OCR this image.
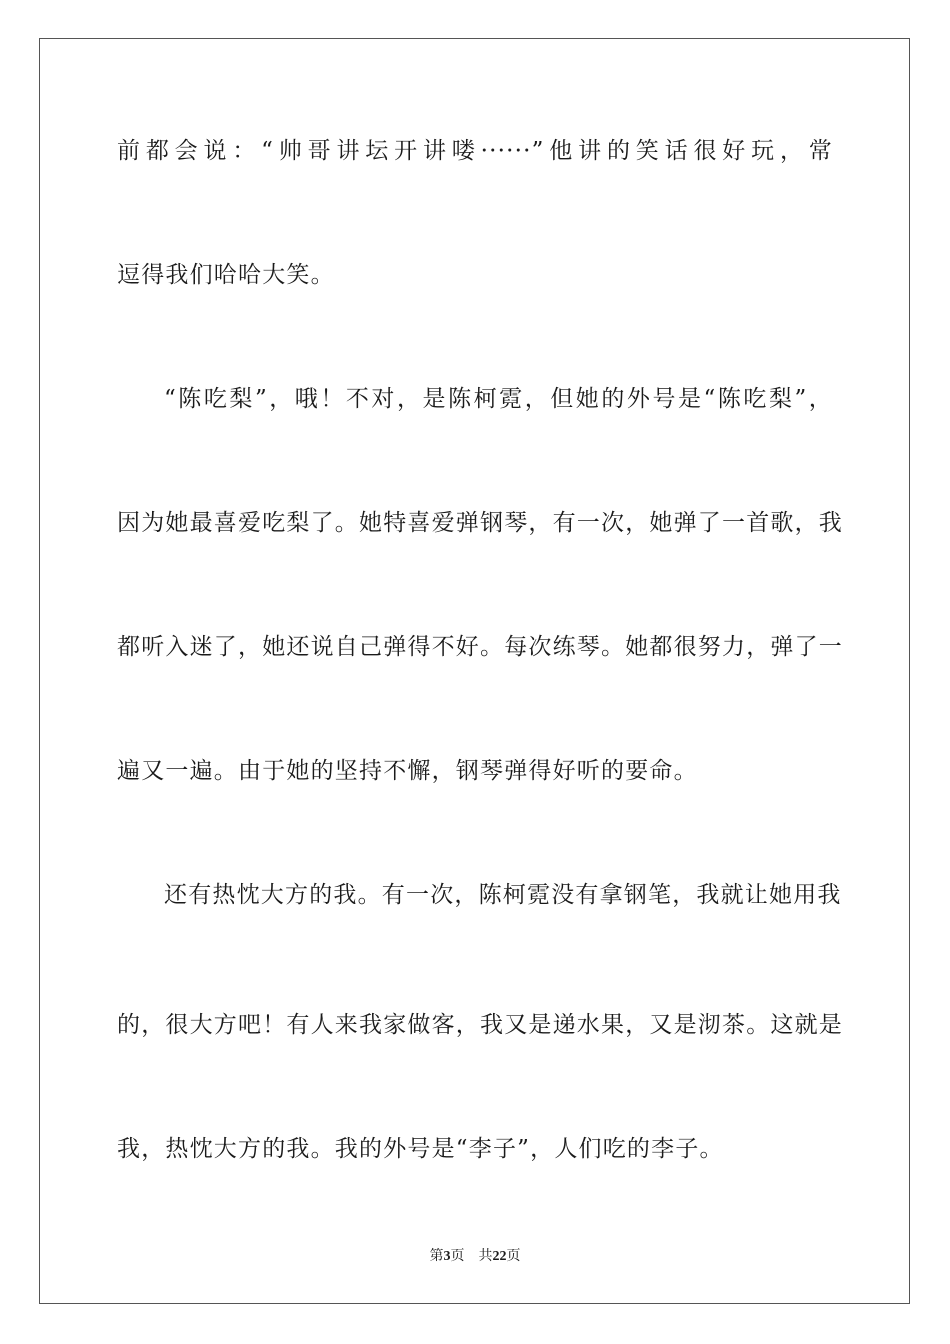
前都会说：“帅哥讲坛开讲喽······”他讲的笑话很好玩，常
逗得我们哈哈大笑。
“陈吃梨”，哦！不对，是陈柯霓，但她的外号是“陈吃梨”，
因为她最喜爱吃梨了。她特喜爱弹钢琴，有一次，她弹了一首歌，我
都听入迷了，她还说自己弹得不好。每次练琴。她都很努力，弹了一
遍又一遍。由于她的坚持不懈，钢琴弹得好听的要命。
还有热忱大方的我。有一次，陈柯霓没有拿钢笔，我就让她用我
的，很大方吧！有人来我家做客，我又是递水果，又是沏茶。这就是
我，热忱大方的我。我的外号是“李子”，人们吃的李子。
第3页 共22页
